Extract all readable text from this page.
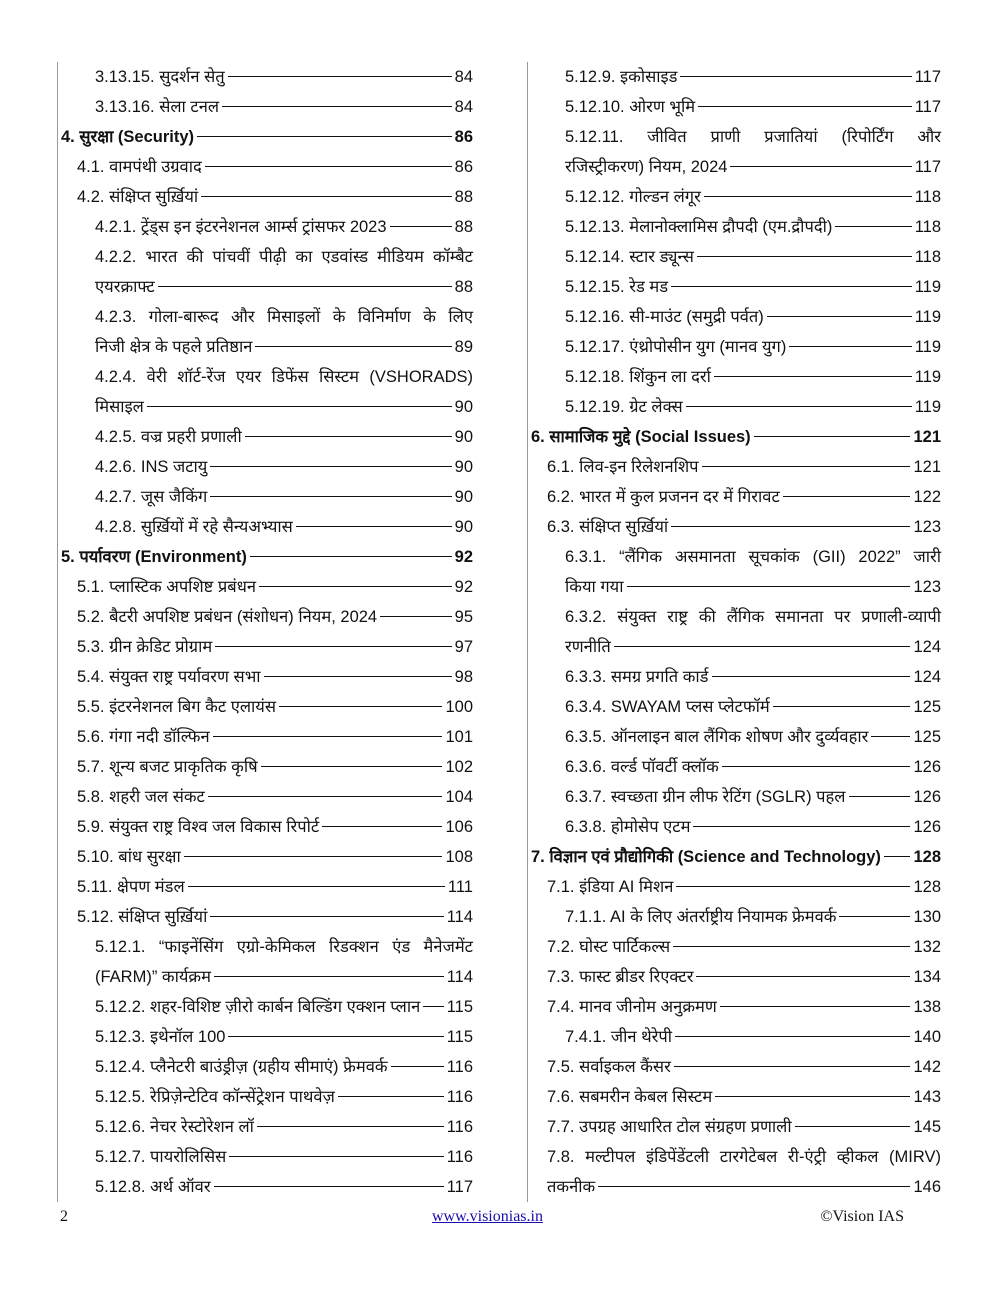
3.13.15. सुदर्शन सेतु	84
3.13.16. सेला टनल	84
4. सुरक्षा (Security)	86
4.1. वामपंथी उग्रवाद	86
4.2. संक्षिप्त सुर्ख़ियां	88
4.2.1. ट्रेंड्स इन इंटरनेशनल आर्म्स ट्रांसफर 2023	88
4.2.2. भारत की पांचवीं पीढ़ी का एडवांस्ड मीडियम कॉम्बैट
एयरक्राफ्ट	88
4.2.3. गोला-बारूद और मिसाइलों के विनिर्माण के लिए
निजी क्षेत्र के पहले प्रतिष्ठान	89
4.2.4. वेरी शॉर्ट-रेंज एयर डिफेंस सिस्टम (VSHORADS)
मिसाइल	90
4.2.5. वज्र प्रहरी प्रणाली	90
4.2.6. INS जटायु	90
4.2.7. जूस जैकिंग	90
4.2.8. सुर्ख़ियों में रहे सैन्यअभ्यास	90
5. पर्यावरण (Environment)	92
5.1. प्लास्टिक अपशिष्ट प्रबंधन	92
5.2. बैटरी अपशिष्ट प्रबंधन (संशोधन) नियम, 2024	95
5.3. ग्रीन क्रेडिट प्रोग्राम	97
5.4. संयुक्त राष्ट्र पर्यावरण सभा	98
5.5. इंटरनेशनल बिग कैट एलायंस	100
5.6. गंगा नदी डॉल्फिन	101
5.7. शून्य बजट प्राकृतिक कृषि	102
5.8. शहरी जल संकट	104
5.9. संयुक्त राष्ट्र विश्व जल विकास रिपोर्ट	106
5.10. बांध सुरक्षा	108
5.11. क्षेपण मंडल	111
5.12. संक्षिप्त सुर्ख़ियां	114
5.12.1. “फाइनेंसिंग एग्रो-केमिकल रिडक्शन एंड मैनेजमेंट
(FARM)” कार्यक्रम	114
5.12.2. शहर-विशिष्ट ज़ीरो कार्बन बिल्डिंग एक्शन प्लान 115
5.12.3. इथेनॉल 100	115
5.12.4. प्लैनेटरी बाउंड्रीज़ (ग्रहीय सीमाएं) फ्रेमवर्क	116
5.12.5. रेप्रिज़ेन्टेटिव कॉन्सेंट्रेशन पाथवेज़	116
5.12.6. नेचर रेस्टोरेशन लॉ	116
5.12.7. पायरोलिसिस	116
5.12.8. अर्थ ऑवर	117
5.12.9. इकोसाइड	117
5.12.10. ओरण भूमि	117
5.12.11. जीवित प्राणी प्रजातियां (रिपोर्टिंग और
रजिस्ट्रीकरण) नियम, 2024	117
5.12.12. गोल्डन लंगूर	118
5.12.13. मेलानोक्लामिस द्रौपदी (एम.द्रौपदी)	118
5.12.14. स्टार ड्यून्स	118
5.12.15. रेड मड	119
5.12.16. सी-माउंट (समुद्री पर्वत)	119
5.12.17. एंथ्रोपोसीन युग (मानव युग)	119
5.12.18. शिंकुन ला दर्रा	119
5.12.19. ग्रेट लेक्स	119
6. सामाजिक मुद्दे (Social Issues)	121
6.1. लिव-इन रिलेशनशिप	121
6.2. भारत में कुल प्रजनन दर में गिरावट	122
6.3. संक्षिप्त सुर्ख़ियां	123
6.3.1. “लैंगिक असमानता सूचकांक (GII) 2022” जारी
किया गया	123
6.3.2. संयुक्त राष्ट्र की लैंगिक समानता पर प्रणाली-व्यापी
रणनीति	124
6.3.3. समग्र प्रगति कार्ड	124
6.3.4. SWAYAM प्लस प्लेटफॉर्म	125
6.3.5. ऑनलाइन बाल लैंगिक शोषण और दुर्व्यवहार	125
6.3.6. वर्ल्ड पॉवर्टी क्लॉक	126
6.3.7. स्वच्छता ग्रीन लीफ रेटिंग (SGLR) पहल	126
6.3.8. होमोसेप एटम	126
7. विज्ञान एवं प्रौद्योगिकी (Science and Technology) 128
7.1. इंडिया AI मिशन	128
7.1.1. AI के लिए अंतर्राष्ट्रीय नियामक फ्रेमवर्क	130
7.2. घोस्ट पार्टिकल्स	132
7.3. फास्ट ब्रीडर रिएक्टर	134
7.4. मानव जीनोम अनुक्रमण	138
7.4.1. जीन थेरेपी	140
7.5. सर्वाइकल कैंसर	142
7.6. सबमरीन केबल सिस्टम	143
7.7. उपग्रह आधारित टोल संग्रहण प्रणाली	145
7.8. मल्टीपल इंडिपेंडेंटली टारगेटेबल री-एंट्री व्हीकल (MIRV)
तकनीक	146
2	www.visionias.in	©Vision IAS
